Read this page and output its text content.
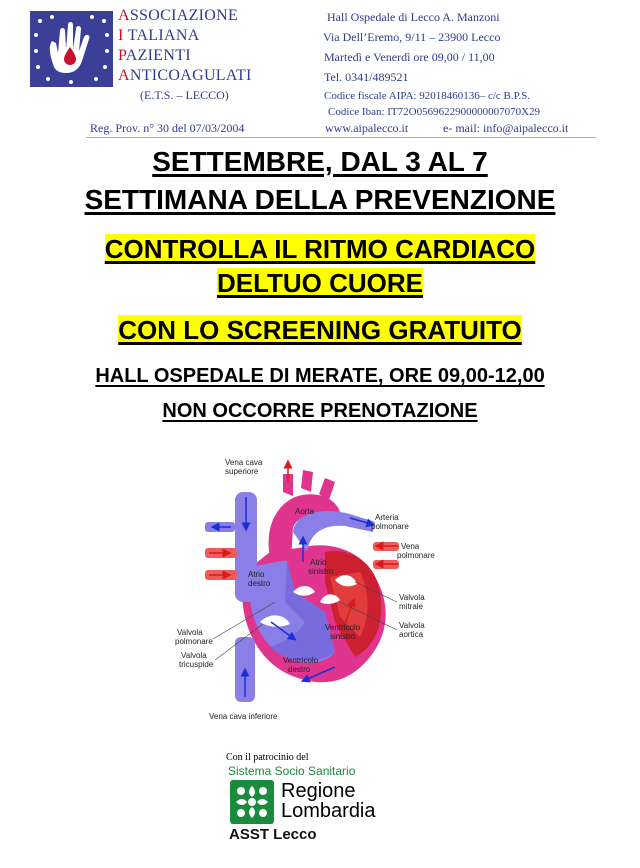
ASSOCIAZIONE
I TALIANA
PAZIENTI
ANTICOAGULATI
(E.T.S. – LECCO)
Reg. Prov. n° 30 del 07/03/2004
Hall Ospedale di Lecco A. Manzoni
Via Dell’Eremo, 9/11 – 23900 Lecco
Martedì e Venerdì ore 09,00 / 11,00
Tel. 0341/489521
Codice fiscale AIPA: 92018460136– c/c B.P.S.
Codice Iban: IT72O0569622900000007070X29
www.aipalecco.it	e- mail: info@aipalecco.it
SETTEMBRE, DAL 3 AL 7
SETTIMANA DELLA PREVENZIONE
CONTROLLA IL RITMO CARDIACO
DELTUO CUORE
CON LO SCREENING GRATUITO
HALL OSPEDALE DI MERATE, ORE 09,00-12,00
NON OCCORRE PRENOTAZIONE
Vena cava
superiore
Aorta
Arteria
polmonare
Vena
polmonare
Atrio
sinistro
Atrio
destro
Valvola
mitrale
Valvola
aortica
Ventricolo
sinistro
Valvola
polmonare
Valvola
tricuspide	Ventricolo
destro
Vena cava inferiore
Con il patrocinio del
Sistema Socio Sanitario
Regione
Lombardia
ASST Lecco
